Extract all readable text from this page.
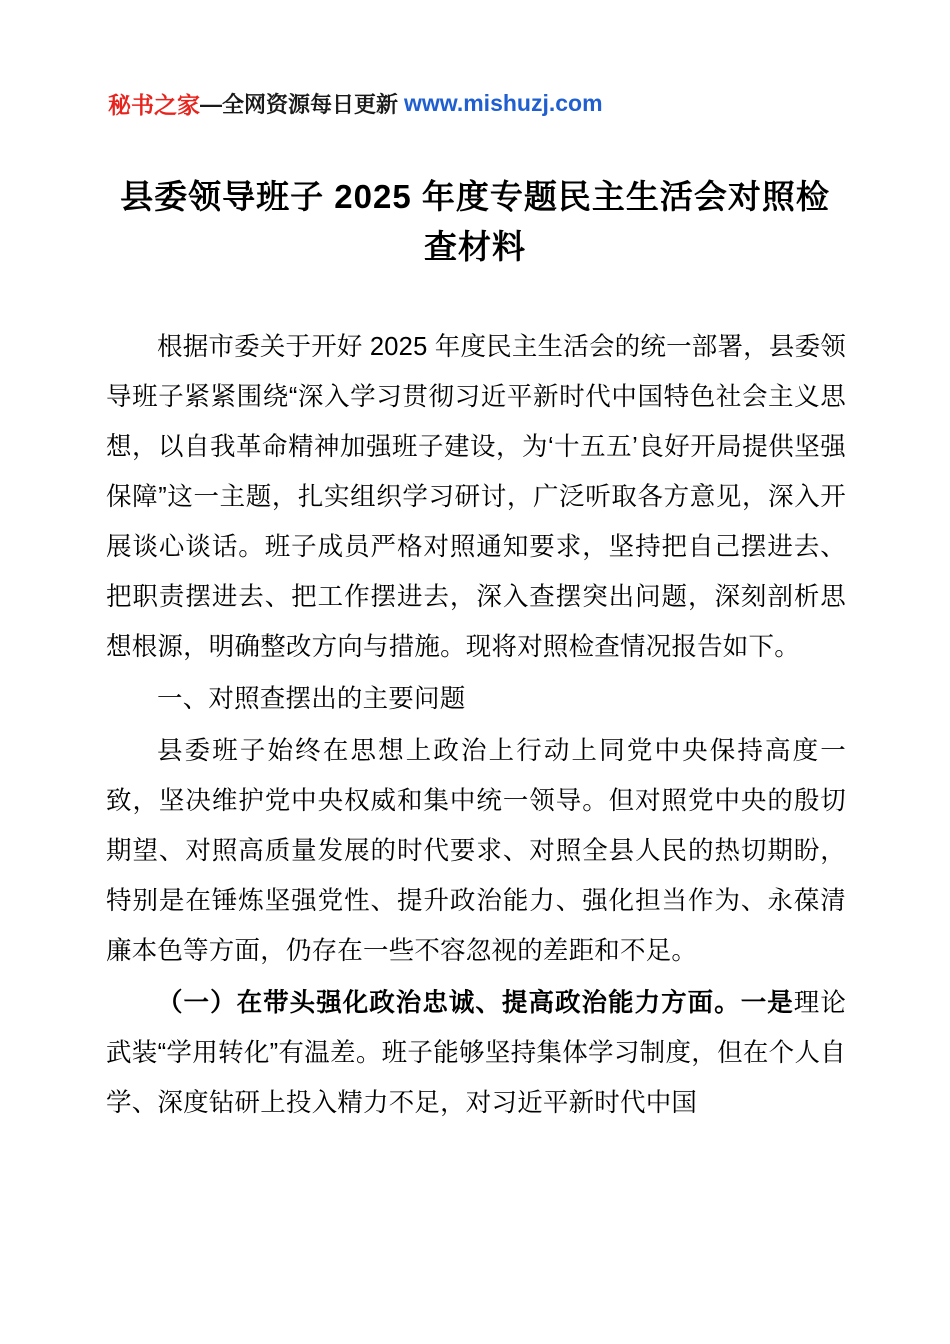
秘书之家 —全网资源每日更新 www.mishuzj.com
县委领导班子 2025 年度专题民主生活会对照检查材料

根据市委关于开好 2025 年度民主生活会的统一部署，县委领导班子紧紧围绕“深入学习贯彻习近平新时代中国特色社会主义思想，以自我革命精神加强班子建设，为‘十五五’良好开局提供坚强保障”这一主题，扎实组织学习研讨，广泛听取各方意见，深入开展谈心谈话。班子成员严格对照通知要求，坚持把自己摆进去、把职责摆进去、把工作摆进去，深入查摆突出问题，深刻剖析思想根源，明确整改方向与措施。现将对照检查情况报告如下。

一、对照查摆出的主要问题

县委班子始终在思想上政治上行动上同党中央保持高度一致，坚决维护党中央权威和集中统一领导。但对照党中央的殷切期望、对照高质量发展的时代要求、对照全县人民的热切期盼，特别是在锤炼坚强党性、提升政治能力、强化担当作为、永葆清廉本色等方面，仍存在一些不容忽视的差距和不足。

（一）在带头强化政治忠诚、提高政治能力方面。一是理论武装“学用转化”有温差。班子能够坚持集体学习制度，但在个人自学、深度钻研上投入精力不足，对习近平新时代中国
